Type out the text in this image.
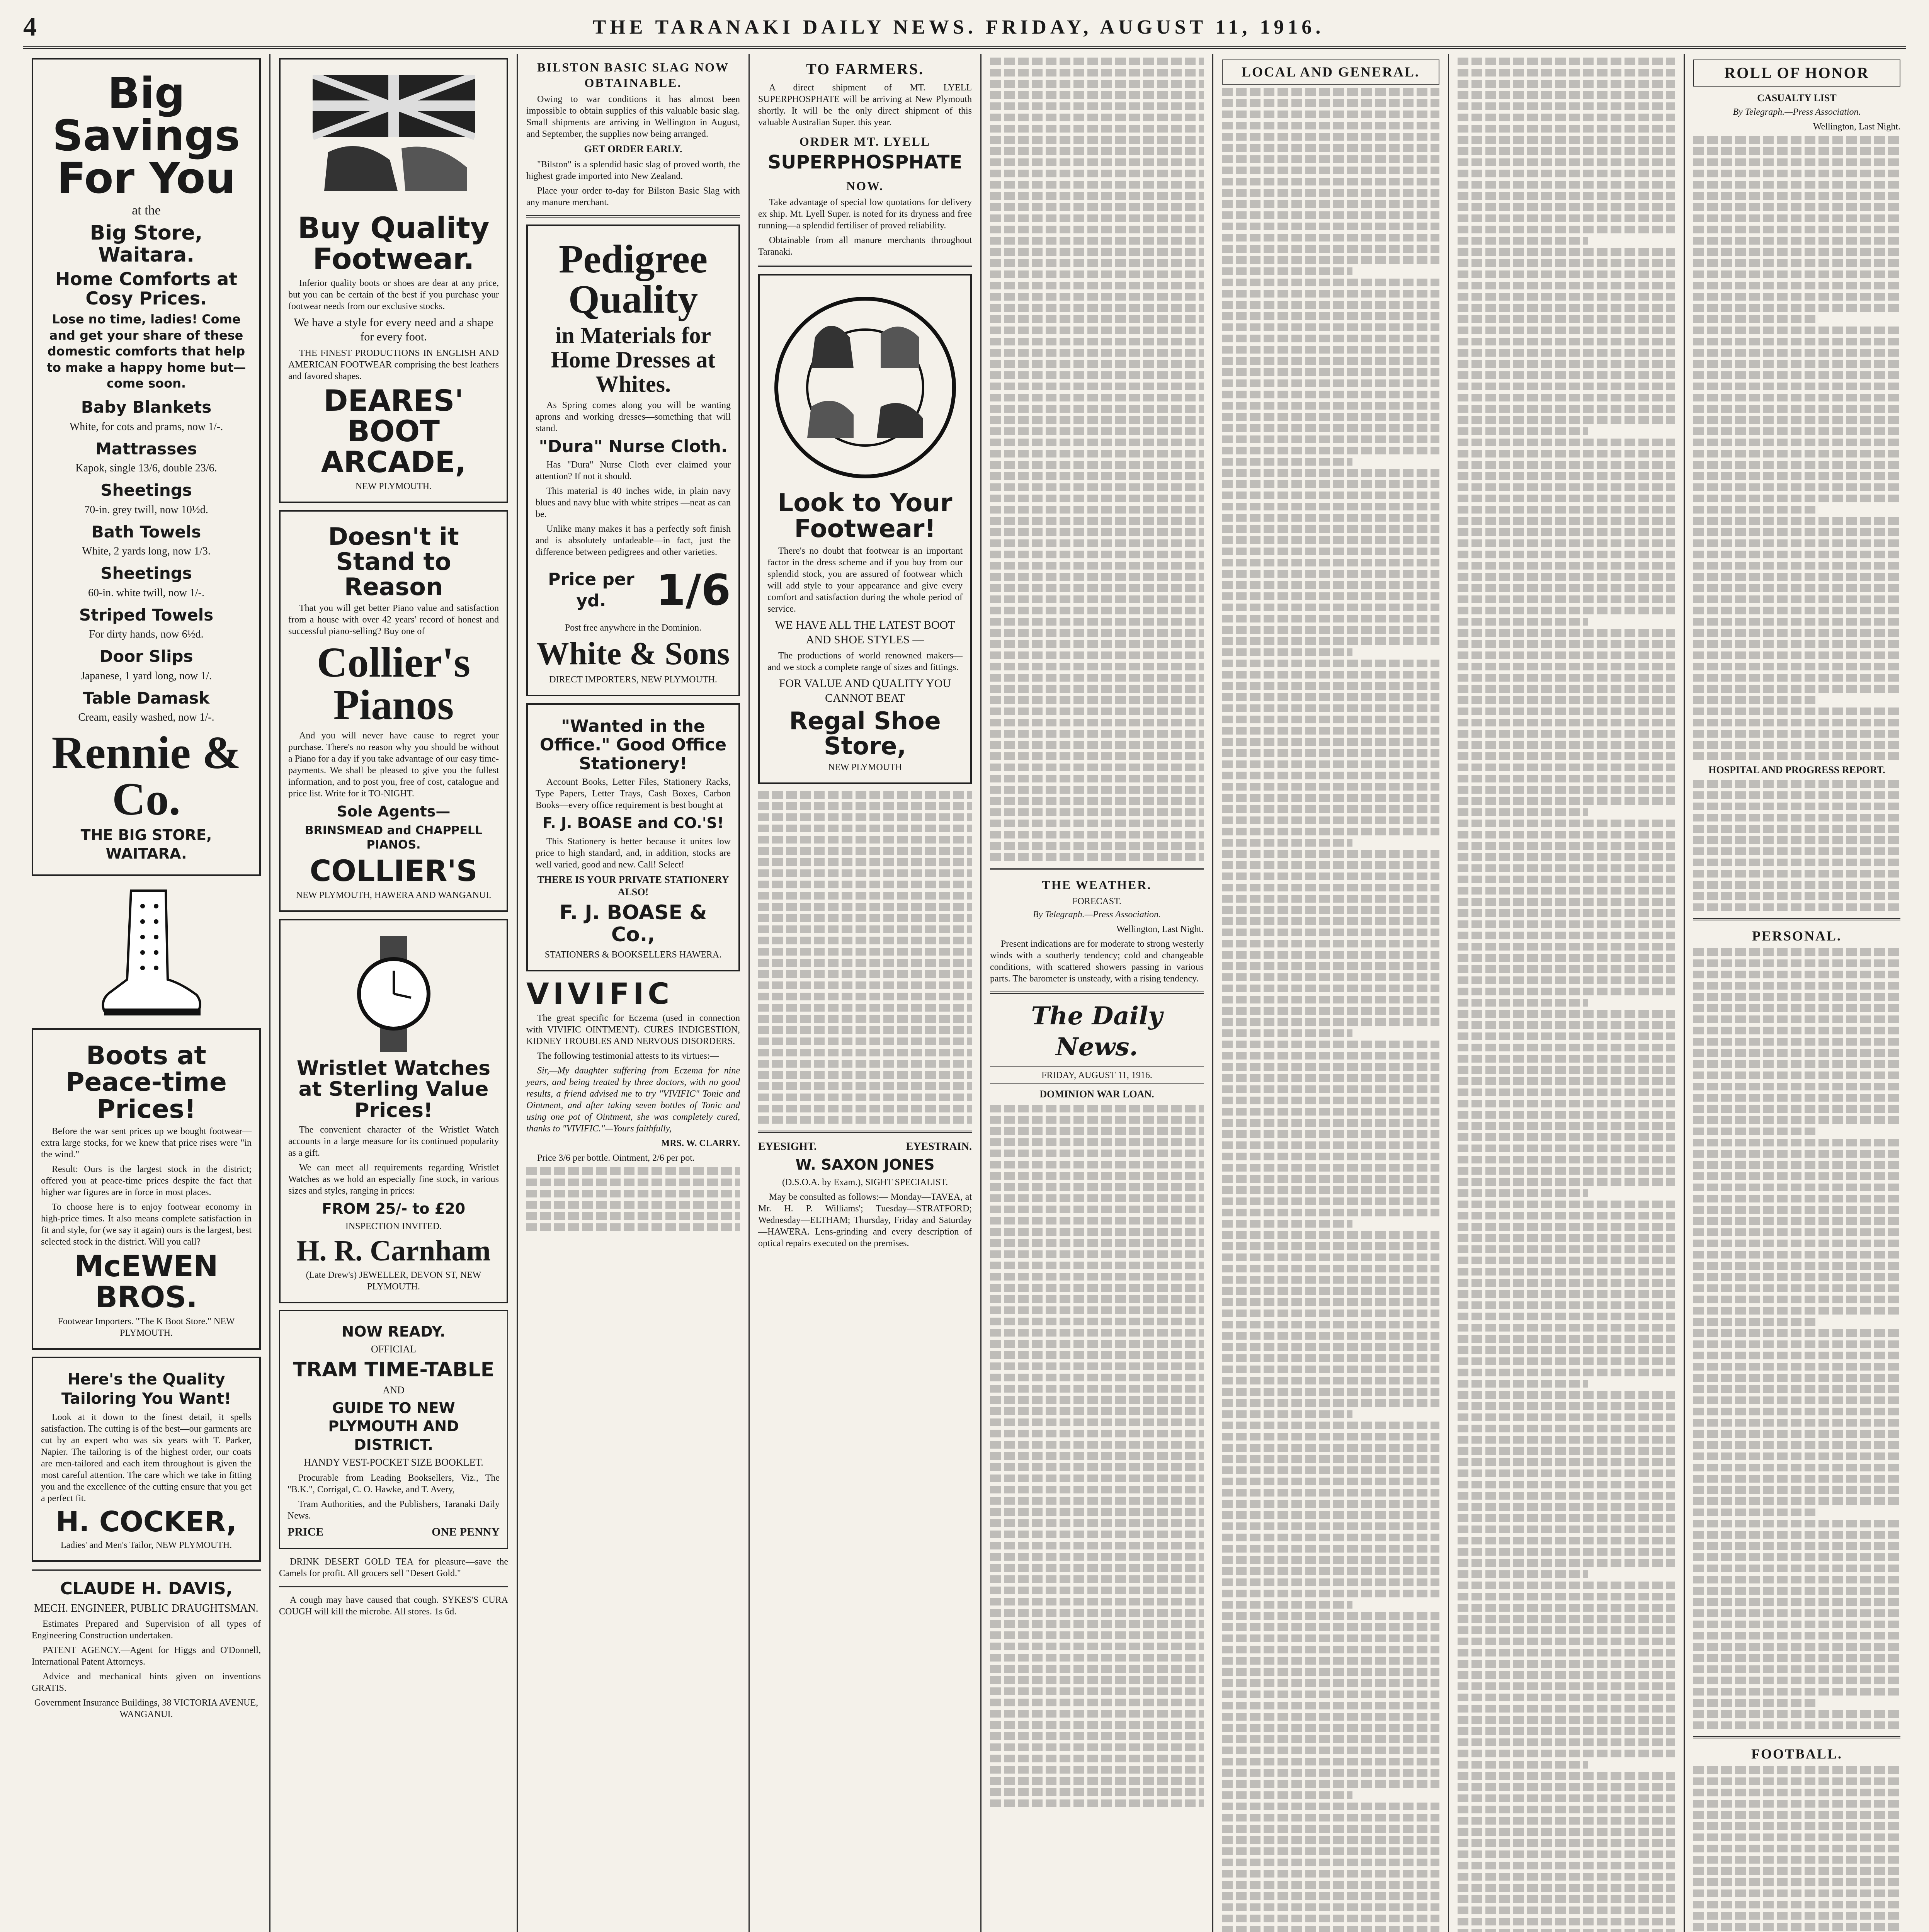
4	THE TARANAKI DAILY NEWS. FRIDAY, AUGUST 11, 1916.
Big Savings For You
at the
Big Store, Waitara.
Home Comforts at Cosy Prices.
Lose no time, ladies! Come and get your share of these domestic comforts that help to make a happy home but—come soon.
Baby Blankets
White, for cots and prams, now 1/-.
Mattrasses
Kapok, single 13/6, double 23/6.
Sheetings
70-in. grey twill, now 10½d.
Bath Towels
White, 2 yards long, now 1/3.
Sheetings
60-in. white twill, now 1/-.
Striped Towels
For dirty hands, now 6½d.
Door Slips
Japanese, 1 yard long, now 1/.
Table Damask
Cream, easily washed, now 1/-.
Rennie & Co.
THE BIG STORE, WAITARA.
Boots at Peace-time Prices!

Before the war sent prices up we bought footwear—extra large stocks, for we knew that price rises were "in the wind."

Result: Ours is the largest stock in the district; offered you at peace-time prices despite the fact that higher war figures are in force in most places.

To choose here is to enjoy footwear economy in high-price times. It also means complete satisfaction in fit and style, for (we say it again) ours is the largest, best selected stock in the district. Will you call?

McEWEN BROS.
Footwear Importers. "The K Boot Store." NEW PLYMOUTH.
Here's the Quality Tailoring You Want!

Look at it down to the finest detail, it spells satisfaction. The cutting is of the best—our garments are cut by an expert who was six years with T. Parker, Napier. The tailoring is of the highest order, our coats are men-tailored and each item throughout is given the most careful attention. The care which we take in fitting you and the excellence of the cutting ensure that you get a perfect fit.

H. COCKER,
Ladies' and Men's Tailor, NEW PLYMOUTH.
CLAUDE H. DAVIS,
MECH. ENGINEER, PUBLIC DRAUGHTSMAN.

Estimates Prepared and Supervision of all types of Engineering Construction undertaken.

PATENT AGENCY.—Agent for Higgs and O'Donnell, International Patent Attorneys.

Advice and mechanical hints given on inventions GRATIS.

Government Insurance Buildings, 38 VICTORIA AVENUE, WANGANUI.

Buy Quality Footwear.

Inferior quality boots or shoes are dear at any price, but you can be certain of the best if you purchase your footwear needs from our exclusive stocks.

We have a style for every need and a shape for every foot.

THE FINEST PRODUCTIONS IN ENGLISH AND AMERICAN FOOTWEAR comprising the best leathers and favored shapes.

DEARES' BOOT ARCADE,
NEW PLYMOUTH.
Doesn't it Stand to Reason

That you will get better Piano value and satisfaction from a house with over 42 years' record of honest and successful piano-selling? Buy one of

Collier's Pianos

And you will never have cause to regret your purchase. There's no reason why you should be without a Piano for a day if you take advantage of our easy time-payments. We shall be pleased to give you the fullest information, and to post you, free of cost, catalogue and price list. Write for it TO-NIGHT.

Sole Agents—
BRINSMEAD and CHAPPELL PIANOS.
COLLIER'S
NEW PLYMOUTH, HAWERA AND WANGANUI.
Wristlet Watches at Sterling Value Prices!

The convenient character of the Wristlet Watch accounts in a large measure for its continued popularity as a gift.

We can meet all requirements regarding Wristlet Watches as we hold an especially fine stock, in various sizes and styles, ranging in prices:

FROM 25/- to £20
INSPECTION INVITED.
H. R. Carnham
(Late Drew's) JEWELLER, DEVON ST, NEW PLYMOUTH.
NOW READY.
OFFICIAL
TRAM TIME-TABLE
AND
GUIDE TO NEW PLYMOUTH AND DISTRICT.
HANDY VEST-POCKET SIZE BOOKLET.

Procurable from Leading Booksellers, Viz., The "B.K.", Corrigal, C. O. Hawke, and T. Avery,

Tram Authorities, and the Publishers, Taranaki Daily News.

PRICE	ONE PENNY

DRINK DESERT GOLD TEA for pleasure—save the Camels for profit. All grocers sell "Desert Gold."

A cough may have caused that cough. SYKES'S CURA COUGH will kill the microbe. All stores. 1s 6d.

BILSTON BASIC SLAG NOW OBTAINABLE.

Owing to war conditions it has almost been impossible to obtain supplies of this valuable basic slag. Small shipments are arriving in Wellington in August, and September, the supplies now being arranged.

GET ORDER EARLY.

"Bilston" is a splendid basic slag of proved worth, the highest grade imported into New Zealand.

Place your order to-day for Bilston Basic Slag with any manure merchant.

Pedigree Quality
in Materials for Home Dresses at Whites.

As Spring comes along you will be wanting aprons and working dresses—something that will stand.

"Dura" Nurse Cloth.

Has "Dura" Nurse Cloth ever claimed your attention? If not it should.

This material is 40 inches wide, in plain navy blues and navy blue with white stripes —neat as can be.

Unlike many makes it has a perfectly soft finish and is absolutely unfadeable—in fact, just the difference between pedigrees and other varieties.

Price per yd.	1/6
Post free anywhere in the Dominion.
White & Sons
DIRECT IMPORTERS, NEW PLYMOUTH.
"Wanted in the Office." Good Office Stationery!

Account Books, Letter Files, Stationery Racks, Type Papers, Letter Trays, Cash Boxes, Carbon Books—every office requirement is best bought at

F. J. BOASE and CO.'S!

This Stationery is better because it unites low price to high standard, and, in addition, stocks are well varied, good and new. Call! Select!

THERE IS YOUR PRIVATE STATIONERY ALSO!
F. J. BOASE & Co.,
STATIONERS & BOOKSELLERS HAWERA.
VIVIFIC

The great specific for Eczema (used in connection with VIVIFIC OINTMENT). CURES INDIGESTION, KIDNEY TROUBLES AND NERVOUS DISORDERS.

The following testimonial attests to its virtues:—

Sir,—My daughter suffering from Eczema for nine years, and being treated by three doctors, with no good results, a friend advised me to try "VIVIFIC" Tonic and Ointment, and after taking seven bottles of Tonic and using one pot of Ointment, she was completely cured, thanks to "VIVIFIC."—Yours faithfully,

MRS. W. CLARRY.

Price 3/6 per bottle. Ointment, 2/6 per pot.

TO FARMERS.

A direct shipment of MT. LYELL SUPERPHOSPHATE will be arriving at New Plymouth shortly. It will be the only direct shipment of this valuable Australian Super. this year.

ORDER MT. LYELL
SUPERPHOSPHATE
NOW.

Take advantage of special low quotations for delivery ex ship. Mt. Lyell Super. is noted for its dryness and free running—a splendid fertiliser of proved reliability.

Obtainable from all manure merchants throughout Taranaki.

Look to Your Footwear!

There's no doubt that footwear is an important factor in the dress scheme and if you buy from our splendid stock, you are assured of footwear which will add style to your appearance and give every comfort and satisfaction during the whole period of service.

WE HAVE ALL THE LATEST BOOT AND SHOE STYLES —

The productions of world renowned makers—and we stock a complete range of sizes and fittings.

FOR VALUE AND QUALITY YOU CANNOT BEAT
Regal Shoe Store,
NEW PLYMOUTH
EYESIGHT.	EYESTRAIN.
W. SAXON JONES
(D.S.O.A. by Exam.), SIGHT SPECIALIST.

May be consulted as follows:— Monday—TAVEA, at Mr. H. P. Williams'; Tuesday—STRATFORD; Wednesday—ELTHAM; Thursday, Friday and Saturday—HAWERA. Lens-grinding and every description of optical repairs executed on the premises.

THE WEATHER.
FORECAST.
By Telegraph.—Press Association.
Wellington, Last Night.

Present indications are for moderate to strong westerly winds with a southerly tendency; cold and changeable conditions, with scattered showers passing in various parts. The barometer is unsteady, with a rising tendency.

The Daily News.
FRIDAY, AUGUST 11, 1916.
DOMINION WAR LOAN.
LOCAL AND GENERAL.	ROLL OF HONOR
CASUALTY LIST
By Telegraph.—Press Association.
Wellington, Last Night.
HOSPITAL AND PROGRESS REPORT.
PERSONAL.
FOOTBALL.
